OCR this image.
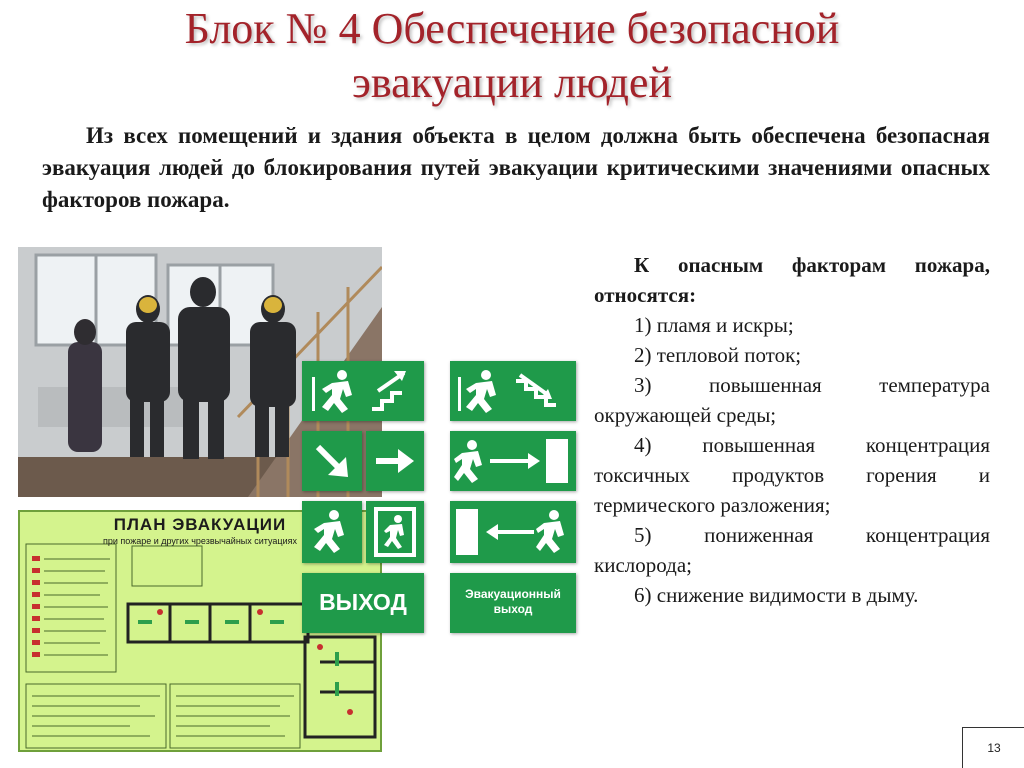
Блок № 4 Обеспечение безопасной
эвакуации людей
Из всех помещений и здания объекта в целом должна быть обеспечена безопасная эвакуация людей до блокирования путей эвакуации критическими значениями опасных факторов пожара.
ПЛАН ЭВАКУАЦИИ
при пожаре и других чрезвычайных ситуациях
ВЫХОД	Эвакуационный
выход
К опасным факторам пожара, относятся:
1) пламя и искры;
2) тепловой поток;
3) повышенная температура окружающей среды;
4) повышенная концентрация токсичных продуктов горения и термического разложения;
5) пониженная концентрация кислорода;
6) снижение видимости в дыму.
13
